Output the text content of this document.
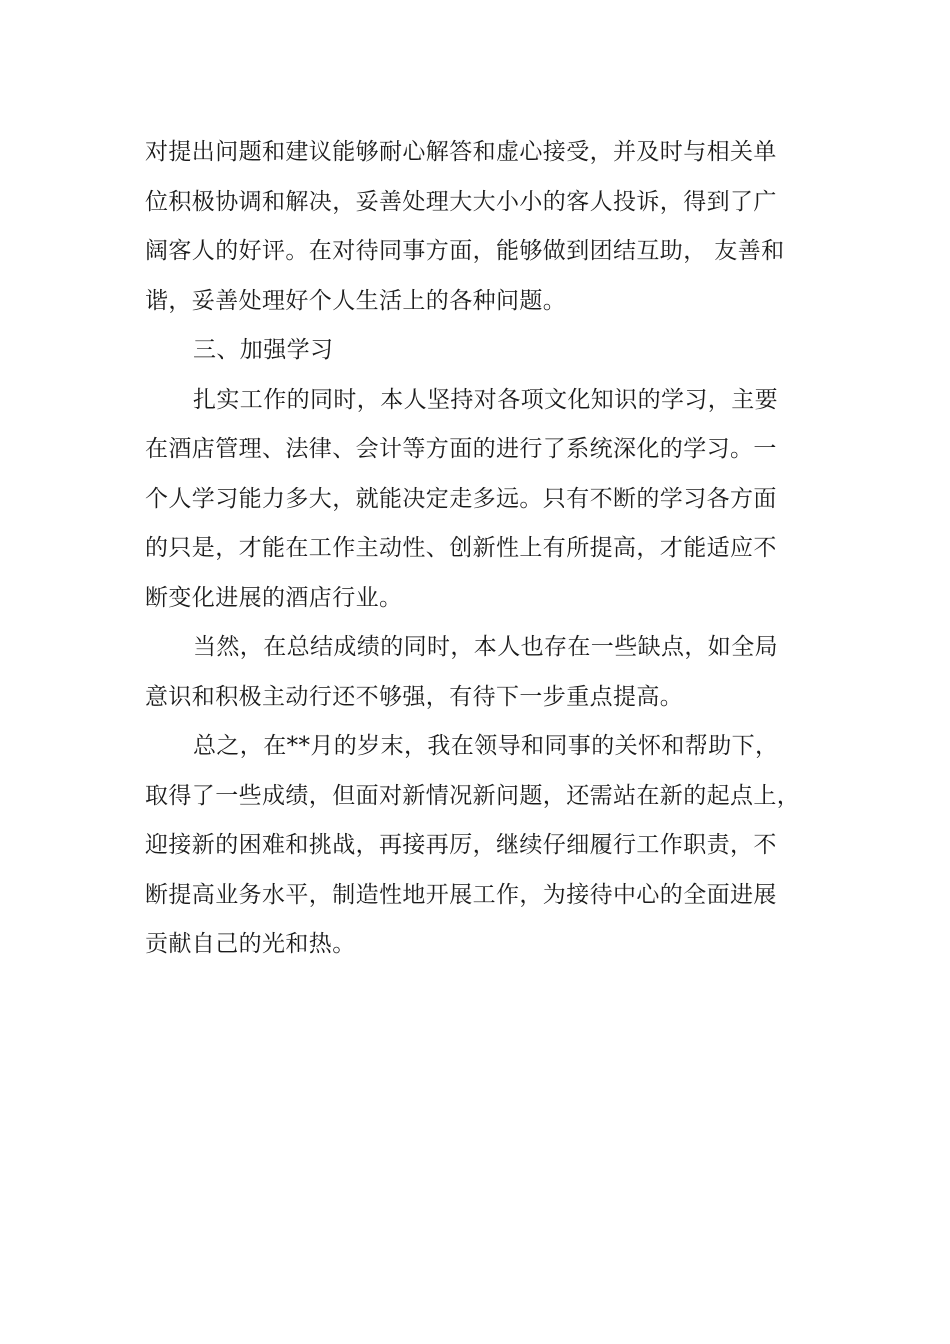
对提出问题和建议能够耐心解答和虚心接受，并及时与相关单
位积极协调和解决，妥善处理大大小小的客人投诉，得到了广
阔客人的好评。在对待同事方面，能够做到团结互助， 友善和
谐，妥善处理好个人生活上的各种问题。
三、加强学习
扎实工作的同时，本人坚持对各项文化知识的学习，主要
在酒店管理、法律、会计等方面的进行了系统深化的学习。一
个人学习能力多大，就能决定走多远。只有不断的学习各方面
的只是，才能在工作主动性、创新性上有所提高，才能适应不
断变化进展的酒店行业。
当然，在总结成绩的同时，本人也存在一些缺点，如全局
意识和积极主动行还不够强，有待下一步重点提高。
总之，在**月的岁末，我在领导和同事的关怀和帮助下，
取得了一些成绩，但面对新情况新问题，还需站在新的起点上，
迎接新的困难和挑战，再接再厉，继续仔细履行工作职责，不
断提高业务水平，制造性地开展工作，为接待中心的全面进展
贡献自己的光和热。
